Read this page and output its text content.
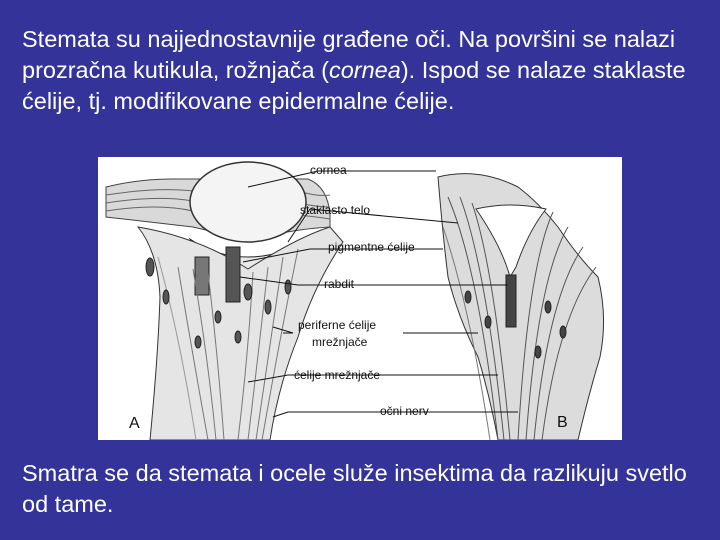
Stemata su najjednostavnije građene oči. Na površini se nalazi prozračna kutikula, rožnjača (cornea). Ispod se nalaze staklaste ćelije, tj. modifikovane epidermalne ćelije.

cornea
staklasto telo
pigmentne ćelije
rabdit
periferne ćelije
mrežnjače
ćelije mrežnjače
očni nerv
A	B

Smatra se da stemata i ocele služe insektima da razlikuju svetlo od tame.
